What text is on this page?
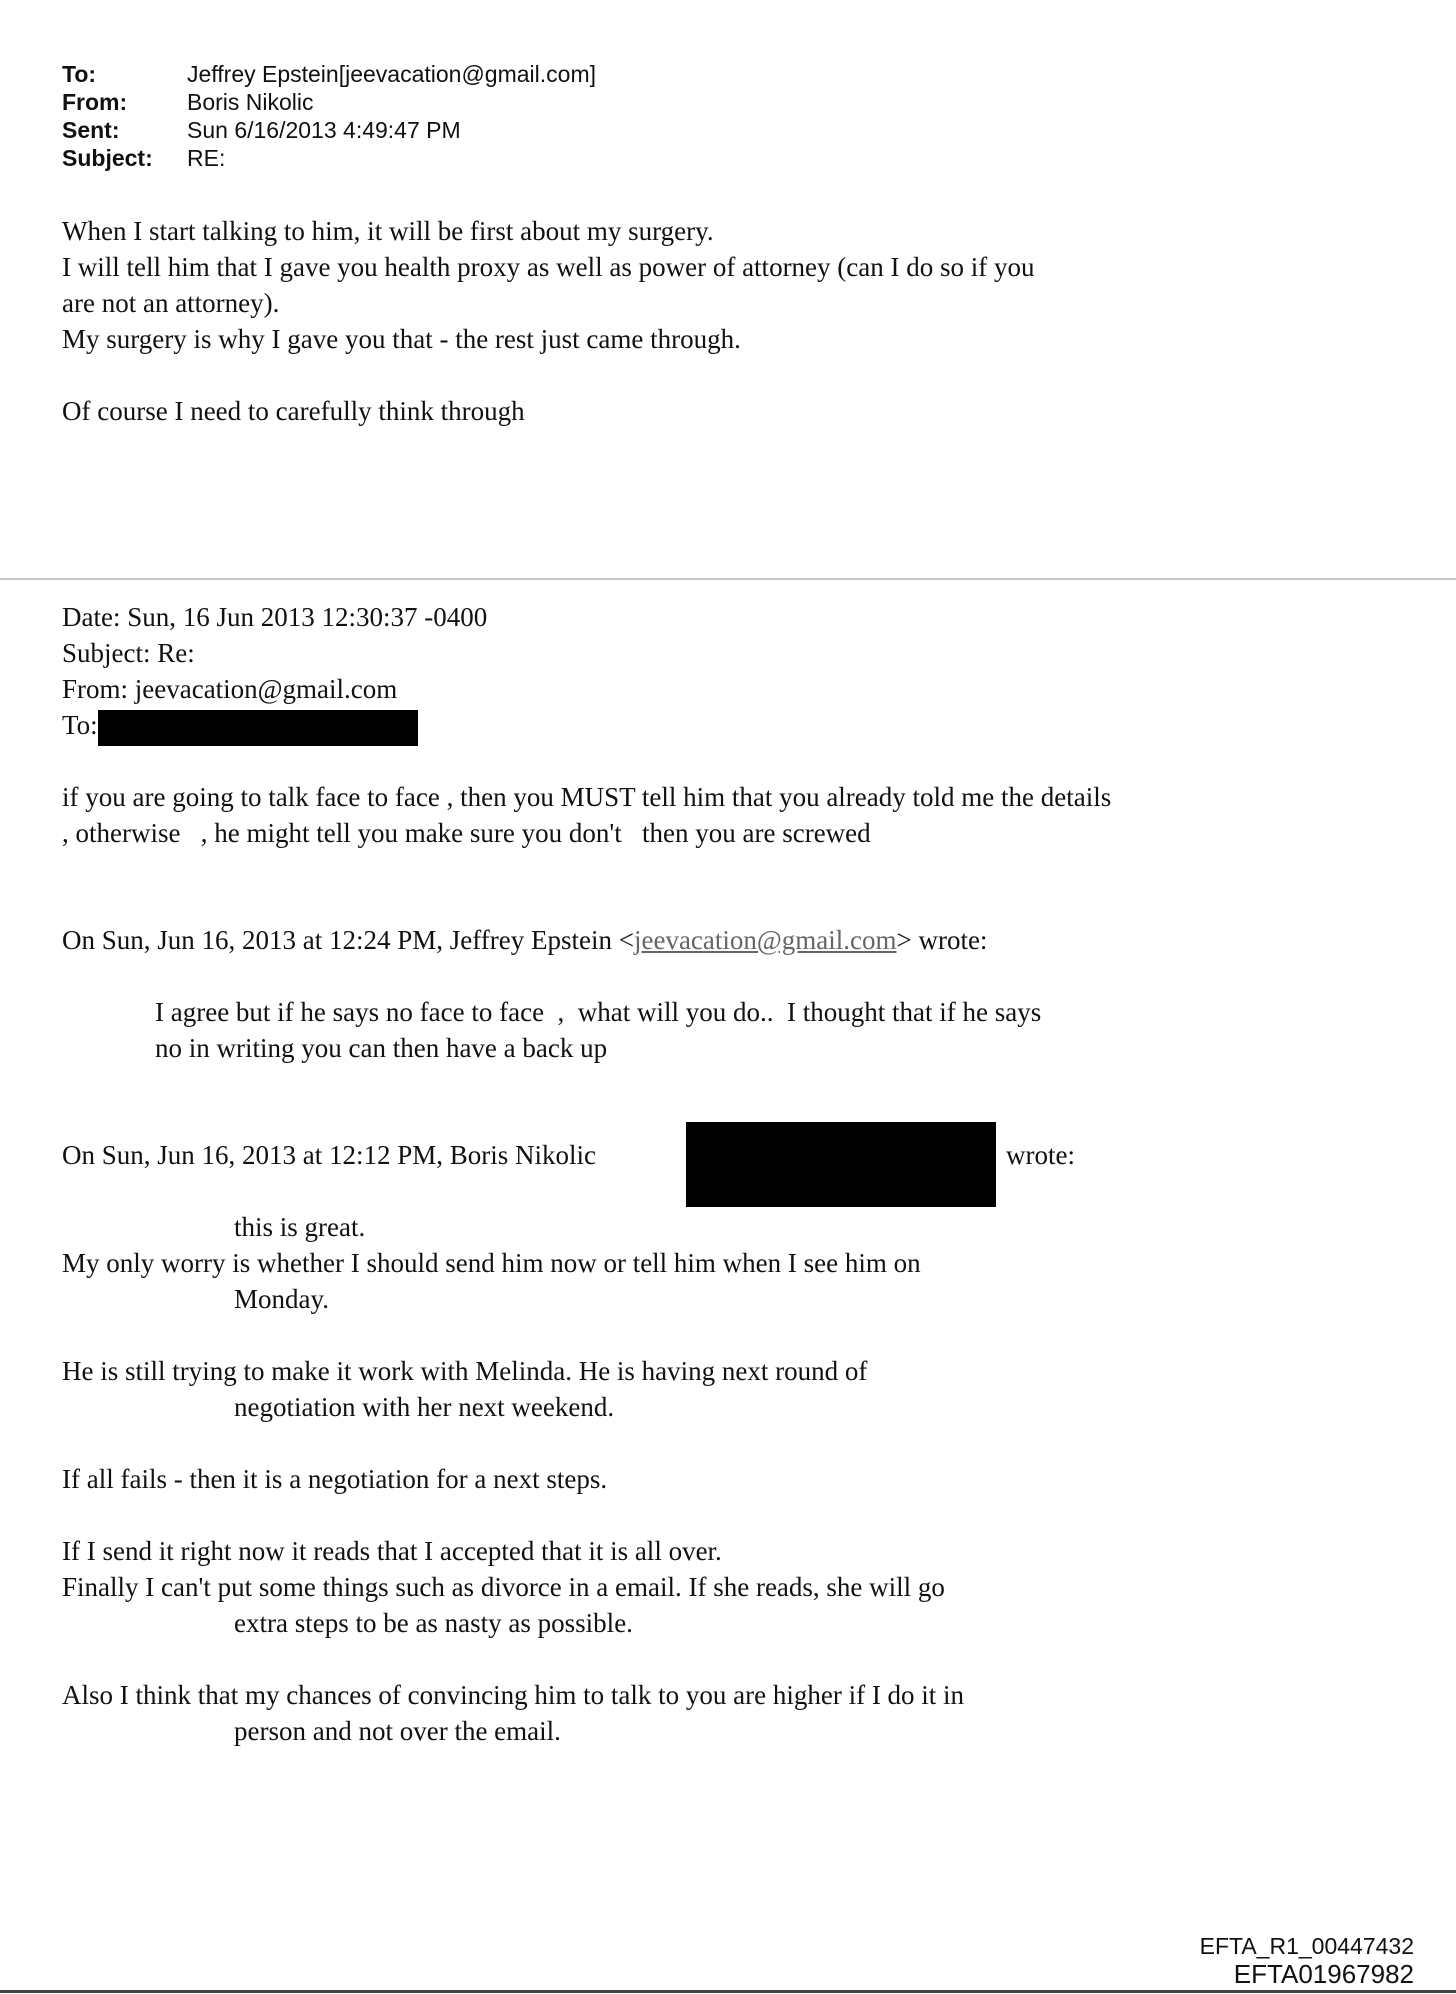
To:	Jeffrey Epstein[jeevacation@gmail.com]
From:	Boris Nikolic
Sent:	Sun 6/16/2013 4:49:47 PM
Subject:	RE:

When I start talking to him, it will be first about my surgery.

I will tell him that I gave you health proxy as well as power of attorney (can I do so if you

are not an attorney).

My surgery is why I gave you that - the rest just came through.

Of course I need to carefully think through

Date: Sun, 16 Jun 2013 12:30:37 -0400

Subject: Re:

From: jeevacation@gmail.com

To:

if you are going to talk face to face , then you MUST tell him that you already told me the details

, otherwise   , he might tell you make sure you don't   then you are screwed

On Sun, Jun 16, 2013 at 12:24 PM, Jeffrey Epstein <jeevacation@gmail.com> wrote:

I agree but if he says no face to face  ,  what will you do..  I thought that if he says

no in writing you can then have a back up

On Sun, Jun 16, 2013 at 12:12 PM, Boris Nikolic	wrote:

this is great.

My only worry is whether I should send him now or tell him when I see him on

Monday.

He is still trying to make it work with Melinda. He is having next round of

negotiation with her next weekend.

If all fails - then it is a negotiation for a next steps.

If I send it right now it reads that I accepted that it is all over.

Finally I can't put some things such as divorce in a email. If she reads, she will go

extra steps to be as nasty as possible.

Also I think that my chances of convincing him to talk to you are higher if I do it in

person and not over the email.

EFTA_R1_00447432
EFTA01967982
